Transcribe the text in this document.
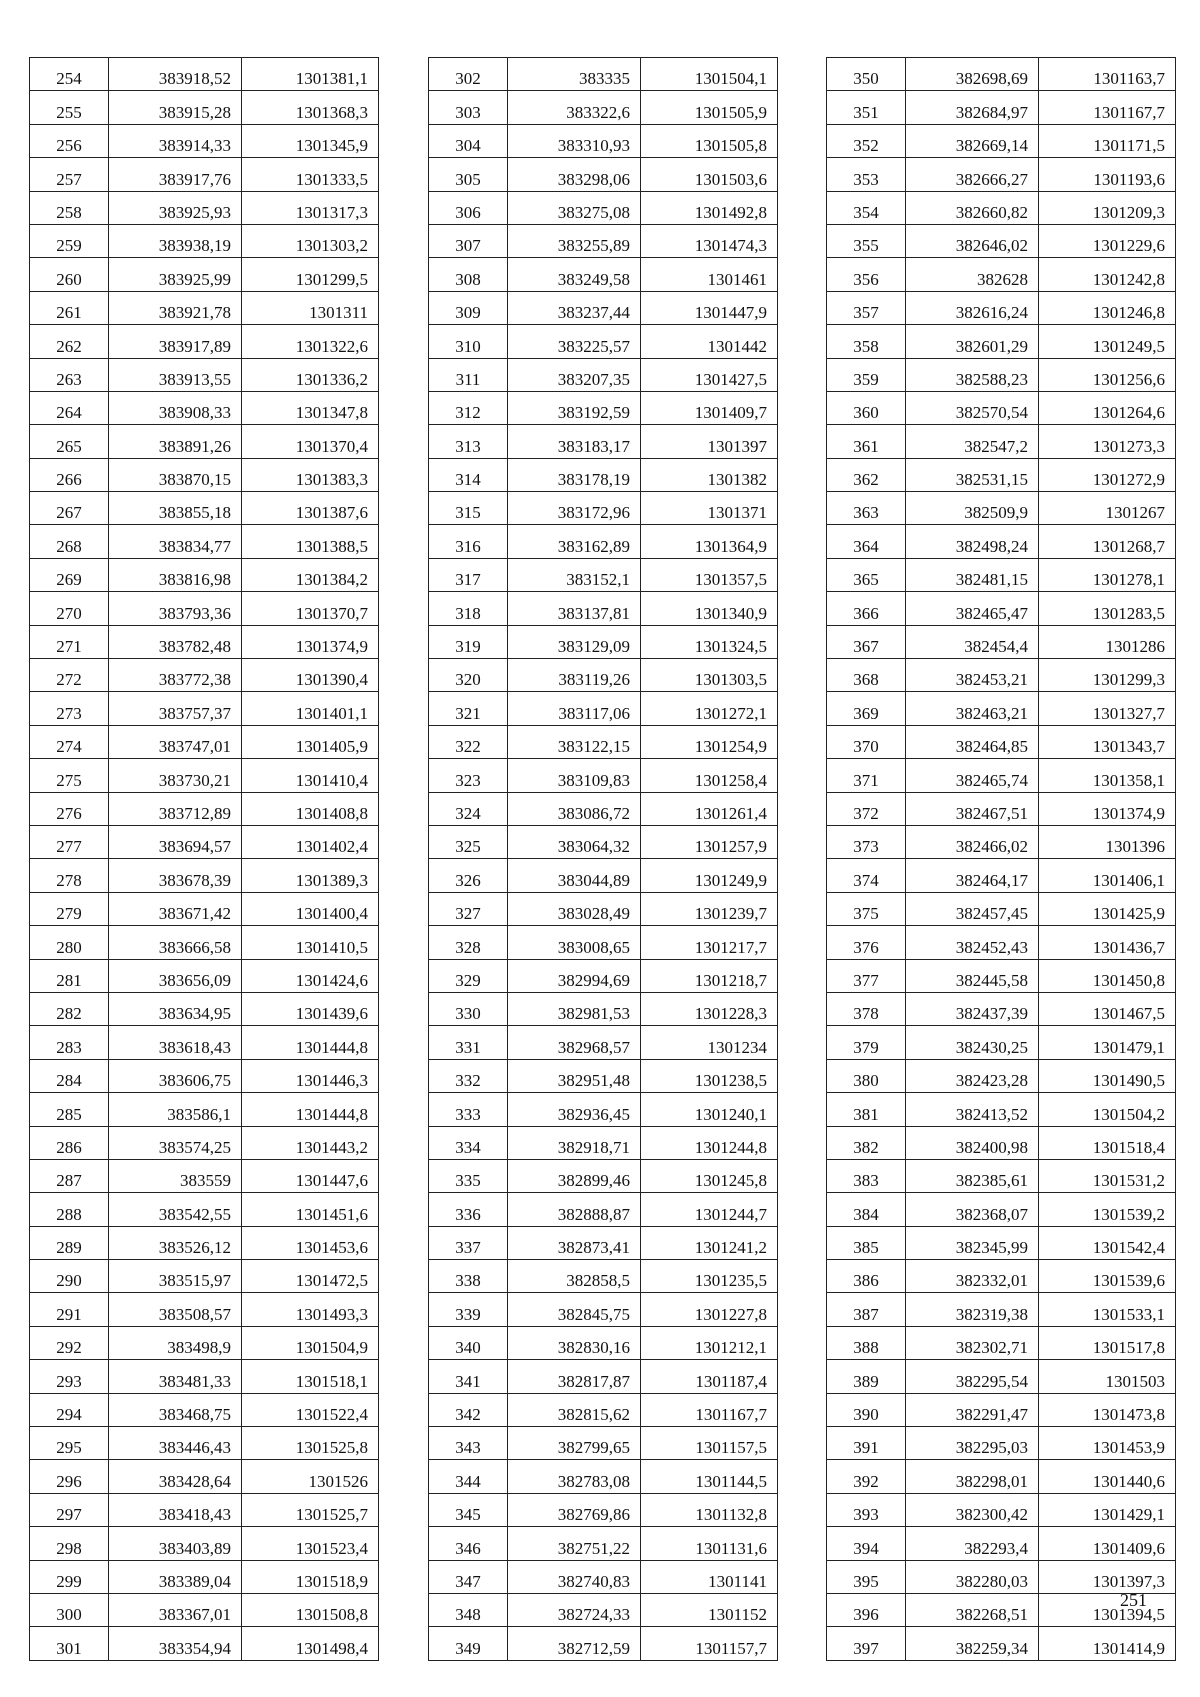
254	383918,52	1301381,1
255	383915,28	1301368,3
256	383914,33	1301345,9
257	383917,76	1301333,5
258	383925,93	1301317,3
259	383938,19	1301303,2
260	383925,99	1301299,5
261	383921,78	1301311
262	383917,89	1301322,6
263	383913,55	1301336,2
264	383908,33	1301347,8
265	383891,26	1301370,4
266	383870,15	1301383,3
267	383855,18	1301387,6
268	383834,77	1301388,5
269	383816,98	1301384,2
270	383793,36	1301370,7
271	383782,48	1301374,9
272	383772,38	1301390,4
273	383757,37	1301401,1
274	383747,01	1301405,9
275	383730,21	1301410,4
276	383712,89	1301408,8
277	383694,57	1301402,4
278	383678,39	1301389,3
279	383671,42	1301400,4
280	383666,58	1301410,5
281	383656,09	1301424,6
282	383634,95	1301439,6
283	383618,43	1301444,8
284	383606,75	1301446,3
285	383586,1	1301444,8
286	383574,25	1301443,2
287	383559	1301447,6
288	383542,55	1301451,6
289	383526,12	1301453,6
290	383515,97	1301472,5
291	383508,57	1301493,3
292	383498,9	1301504,9
293	383481,33	1301518,1
294	383468,75	1301522,4
295	383446,43	1301525,8
296	383428,64	1301526
297	383418,43	1301525,7
298	383403,89	1301523,4
299	383389,04	1301518,9
300	383367,01	1301508,8
301	383354,94	1301498,4
302	383335	1301504,1
303	383322,6	1301505,9
304	383310,93	1301505,8
305	383298,06	1301503,6
306	383275,08	1301492,8
307	383255,89	1301474,3
308	383249,58	1301461
309	383237,44	1301447,9
310	383225,57	1301442
311	383207,35	1301427,5
312	383192,59	1301409,7
313	383183,17	1301397
314	383178,19	1301382
315	383172,96	1301371
316	383162,89	1301364,9
317	383152,1	1301357,5
318	383137,81	1301340,9
319	383129,09	1301324,5
320	383119,26	1301303,5
321	383117,06	1301272,1
322	383122,15	1301254,9
323	383109,83	1301258,4
324	383086,72	1301261,4
325	383064,32	1301257,9
326	383044,89	1301249,9
327	383028,49	1301239,7
328	383008,65	1301217,7
329	382994,69	1301218,7
330	382981,53	1301228,3
331	382968,57	1301234
332	382951,48	1301238,5
333	382936,45	1301240,1
334	382918,71	1301244,8
335	382899,46	1301245,8
336	382888,87	1301244,7
337	382873,41	1301241,2
338	382858,5	1301235,5
339	382845,75	1301227,8
340	382830,16	1301212,1
341	382817,87	1301187,4
342	382815,62	1301167,7
343	382799,65	1301157,5
344	382783,08	1301144,5
345	382769,86	1301132,8
346	382751,22	1301131,6
347	382740,83	1301141
348	382724,33	1301152
349	382712,59	1301157,7
350	382698,69	1301163,7
351	382684,97	1301167,7
352	382669,14	1301171,5
353	382666,27	1301193,6
354	382660,82	1301209,3
355	382646,02	1301229,6
356	382628	1301242,8
357	382616,24	1301246,8
358	382601,29	1301249,5
359	382588,23	1301256,6
360	382570,54	1301264,6
361	382547,2	1301273,3
362	382531,15	1301272,9
363	382509,9	1301267
364	382498,24	1301268,7
365	382481,15	1301278,1
366	382465,47	1301283,5
367	382454,4	1301286
368	382453,21	1301299,3
369	382463,21	1301327,7
370	382464,85	1301343,7
371	382465,74	1301358,1
372	382467,51	1301374,9
373	382466,02	1301396
374	382464,17	1301406,1
375	382457,45	1301425,9
376	382452,43	1301436,7
377	382445,58	1301450,8
378	382437,39	1301467,5
379	382430,25	1301479,1
380	382423,28	1301490,5
381	382413,52	1301504,2
382	382400,98	1301518,4
383	382385,61	1301531,2
384	382368,07	1301539,2
385	382345,99	1301542,4
386	382332,01	1301539,6
387	382319,38	1301533,1
388	382302,71	1301517,8
389	382295,54	1301503
390	382291,47	1301473,8
391	382295,03	1301453,9
392	382298,01	1301440,6
393	382300,42	1301429,1
394	382293,4	1301409,6
395	382280,03	1301397,3
396	382268,51	1301394,5
397	382259,34	1301414,9
251
